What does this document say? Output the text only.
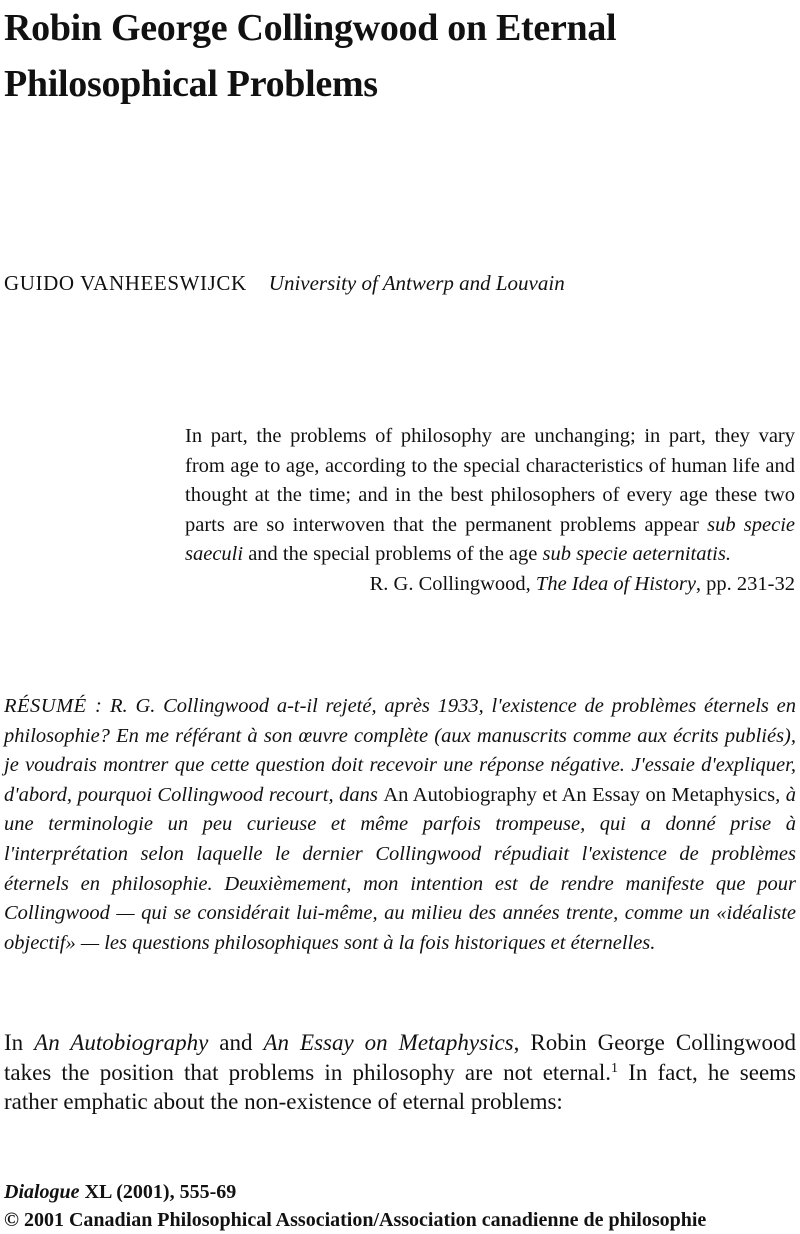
Robin George Collingwood on Eternal Philosophical Problems
GUIDO VANHEESWIJCK University of Antwerp and Louvain

In part, the problems of philosophy are unchanging; in part, they vary from age to age, according to the special characteristics of human life and thought at the time; and in the best philosophers of every age these two parts are so interwoven that the permanent problems appear sub specie saeculi and the special problems of the age sub specie aeternitatis.

R. G. Collingwood, The Idea of History, pp. 231-32

RÉSUMÉ : R. G. Collingwood a-t-il rejeté, après 1933, l'existence de problèmes éternels en philosophie? En me référant à son œuvre complète (aux manuscrits comme aux écrits publiés), je voudrais montrer que cette question doit recevoir une réponse négative. J'essaie d'expliquer, d'abord, pourquoi Collingwood recourt, dans An Autobiography et An Essay on Metaphysics, à une terminologie un peu curieuse et même parfois trompeuse, qui a donné prise à l'interprétation selon laquelle le dernier Collingwood répudiait l'existence de problèmes éternels en philosophie. Deuxièmement, mon intention est de rendre manifeste que pour Collingwood — qui se considérait lui-même, au milieu des années trente, comme un «idéaliste objectif» — les questions philosophiques sont à la fois historiques et éternelles.

In An Autobiography and An Essay on Metaphysics, Robin George Collingwood takes the position that problems in philosophy are not eternal.$^1$ In fact, he seems rather emphatic about the non-existence of eternal problems:

Dialogue XL (2001), 555-69
© 2001 Canadian Philosophical Association/Association canadienne de philosophie
